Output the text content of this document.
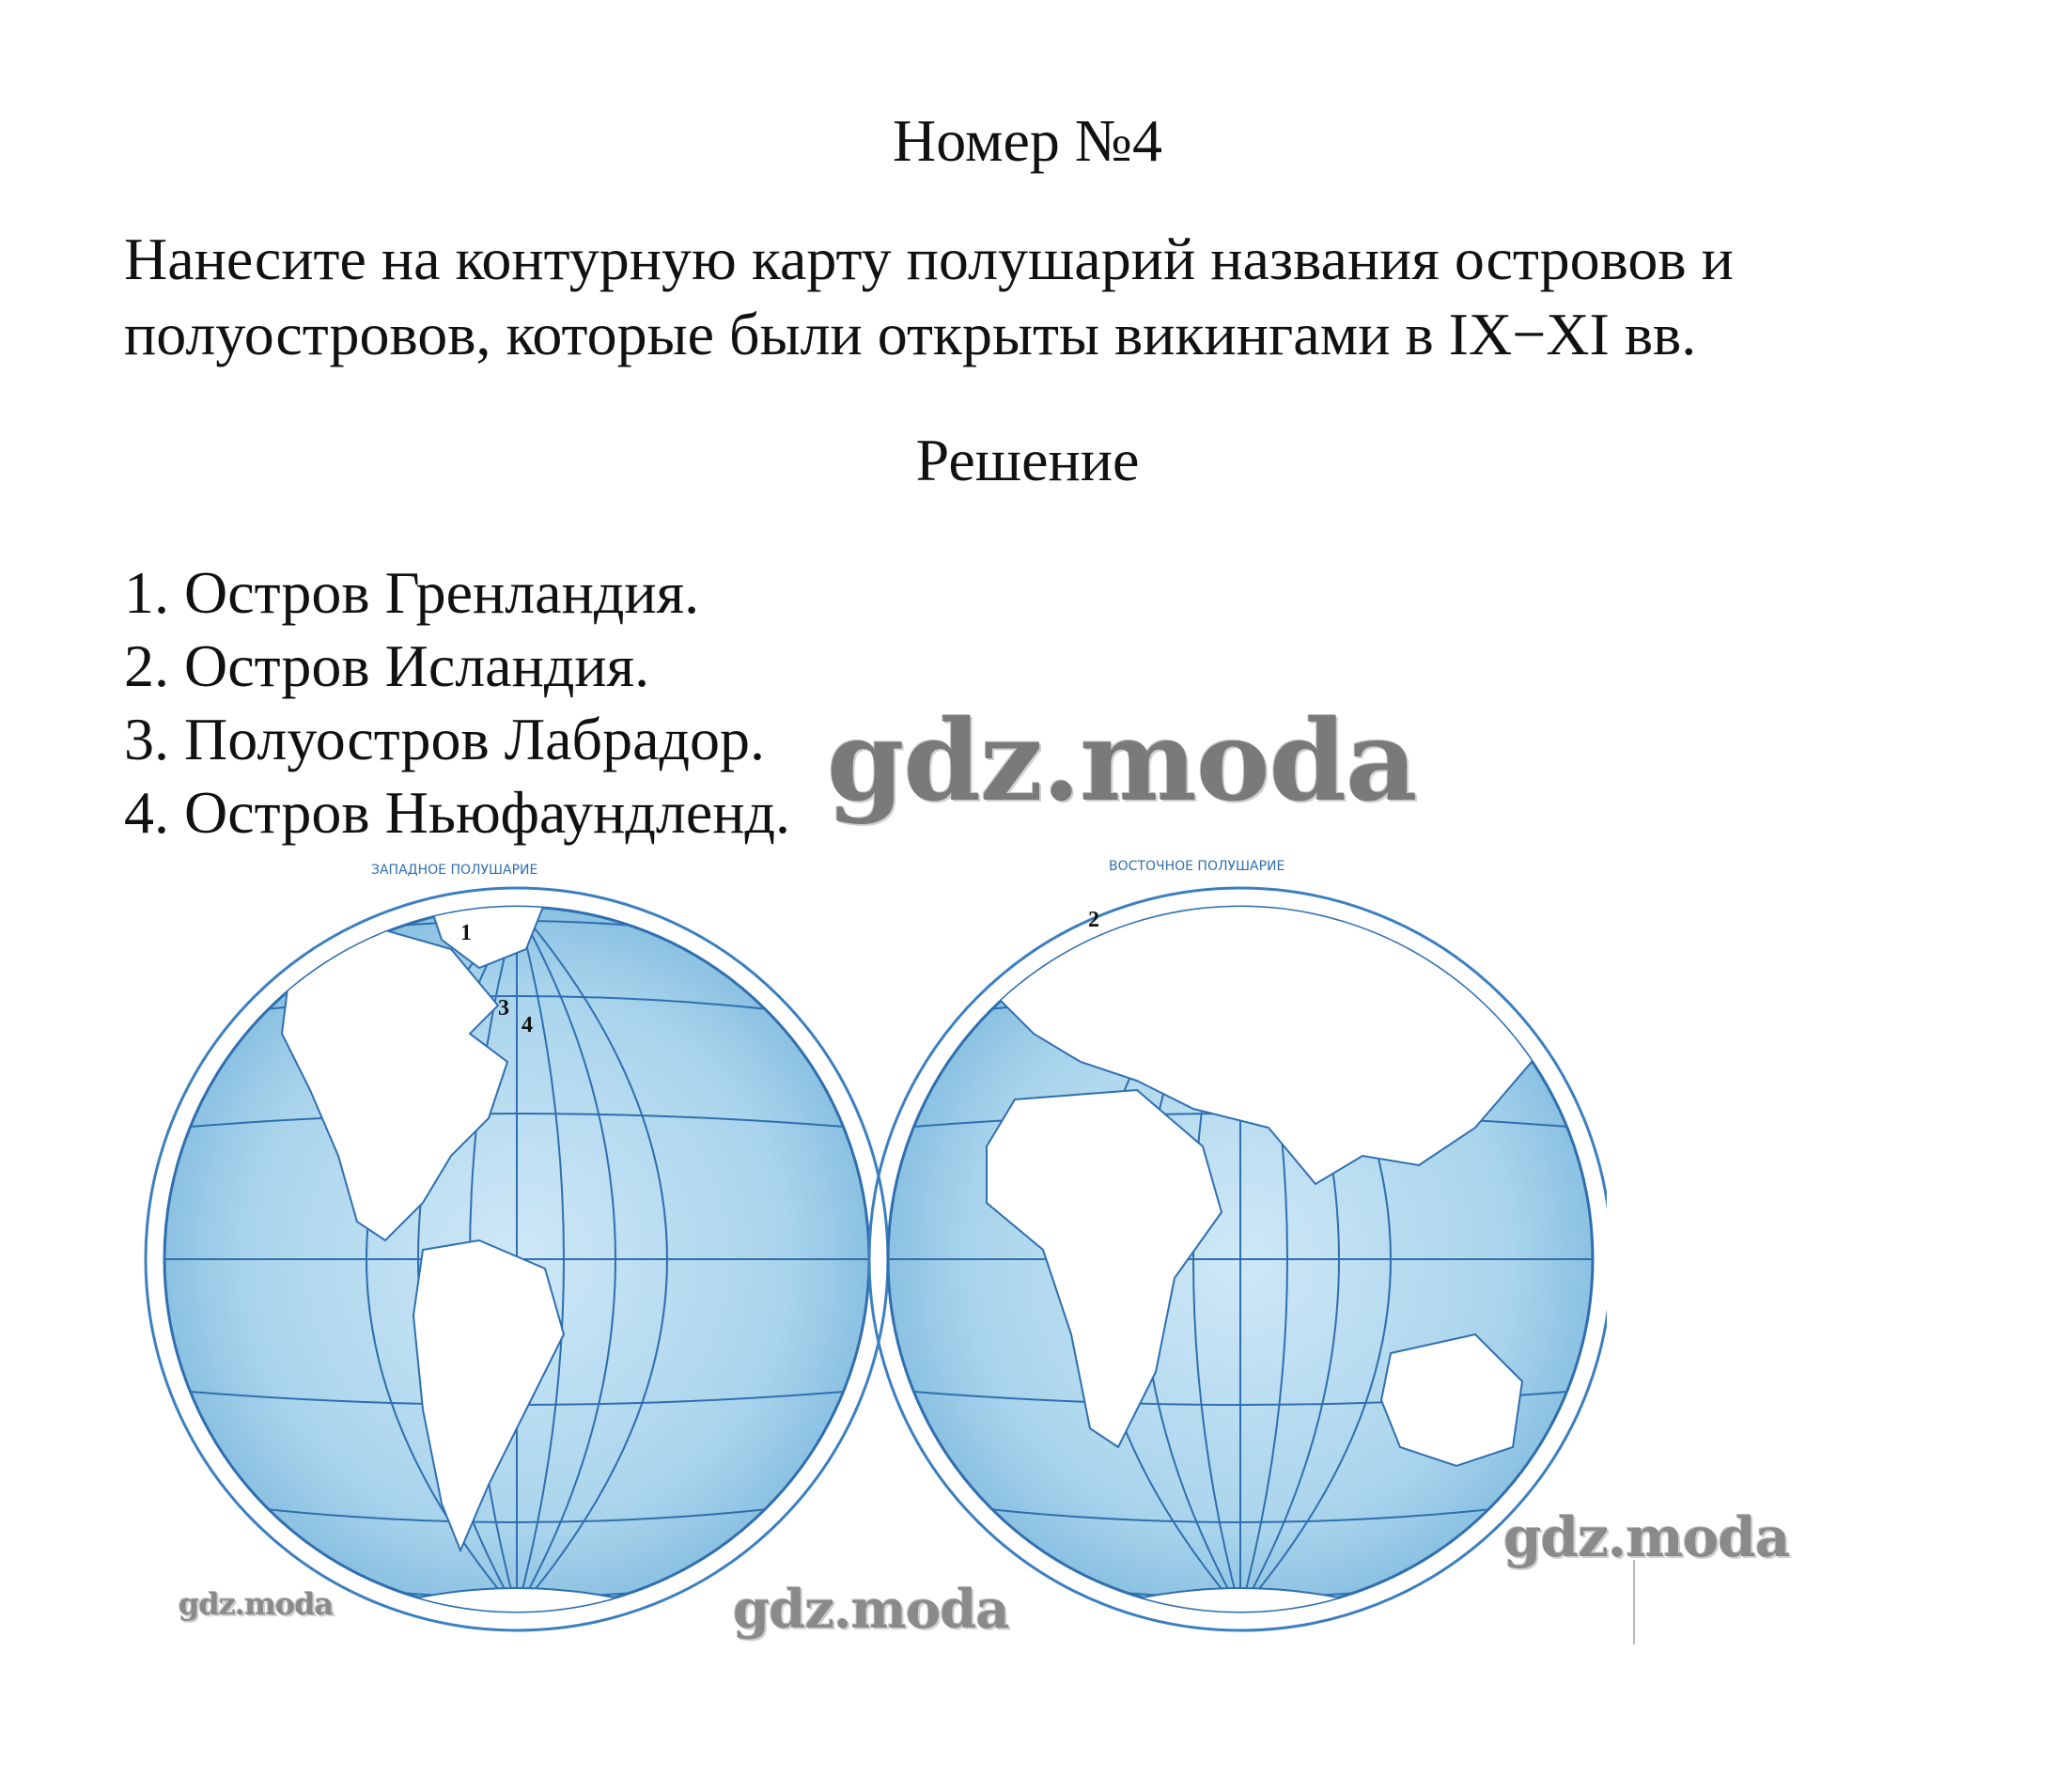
Номер №4
Нанесите на контурную карту полушарий названия островов и
полуостровов, которые были открыты викингами в IX−XI вв.
Решение
1. Остров Гренландия.
2. Остров Исландия.
3. Полуостров Лабрадор.
4. Остров Ньюфаундленд.
ЗАПАДНОЕ ПОЛУШАРИЕ
1
3
4
ВОСТОЧНОЕ ПОЛУШАРИЕ
2
gdz.moda
gdz.moda
gdz.moda
gdz.moda
